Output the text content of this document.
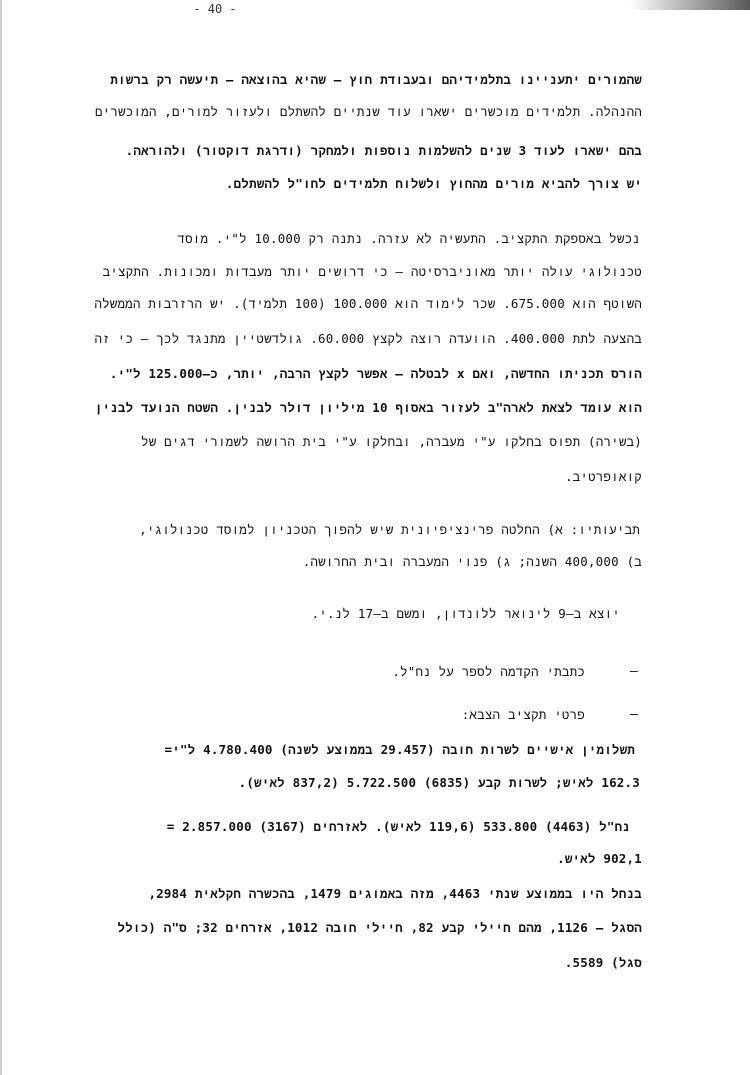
- 40 -
שהמורים יתעניינו בתלמידיהם ובעבודת חוץ – שהיא בהוצאה – תיעשה רק ברשות
ההנהלה. תלמידים מוכשרים ישארו עוד שנתיים להשתלם ולעזור למורים, המוכשרים
בהם ישארו לעוד 3 שנים להשלמות נוספות ולמחקר (ודרגת דוקטור) ולהוראה.
יש צורך להביא מורים מהחוץ ולשלוח תלמידים לחו"ל להשתלם.
נכשל באספקת התקציב. התעשיה לא עזרה. נתנה רק 10.000 ל"י. מוסד
טכנולוגי עולה יותר מאוניברסיטה – כי דרושים יותר מעבדות ומכונות. התקציב
השוטף הוא 675.000. שכר לימוד הוא 100.000 (100 תלמיד). יש הרזרבות הממשלה
בהצעה לתת 400.000. הוועדה רוצה לקצץ 60.000. גולדשטיין מתנגד לכך – כי זה
הורס תכניתו החדשה, ואם x לבטלה – אפשר לקצץ הרבה, יותר, כ–125.000 ל"י.
הוא עומד לצאת לארה"ב לעזור באסוף 10 מיליון דולר לבנין. השטח הנועד לבנין
(בשירה) תפוס בחלקו ע"י מעברה, ובחלקו ע"י בית הרושה לשמורי דגים של
קואופרטיב.
תביעותיו: א) החלטה פרינציפיונית שיש להפוך הטכניון למוסד טכנולוגי,
ב) 400,000 השנה; ג) פנוי המעברה ובית החרושה.
יוצא ב–9 לינואר ללונדון, ומשם ב–17 לנ.י.
–
כתבתי הקדמה לספר על נח"ל.
–
פרטי תקציב הצבא:
תשלומין אישיים לשרות חובה (29.457 בממוצע לשנה) 4.780.400 ל"י=
162.3 לאיש; לשרות קבע (6835) 5.722.500 (837,2 לאיש).
נח"ל (4463) 533.800 (119,6 לאיש). לאזרחים (3167) 2.857.000 =
902,1 לאיש.
בנחל היו בממוצע שנתי 4463, מזה באמוגים 1479, בהכשרה חקלאית 2984,
הסגל – 1126, מהם חיילי קבע 82, חיילי חובה 1012, אזרחים 32; ס"ה (כולל
סגל) 5589.
